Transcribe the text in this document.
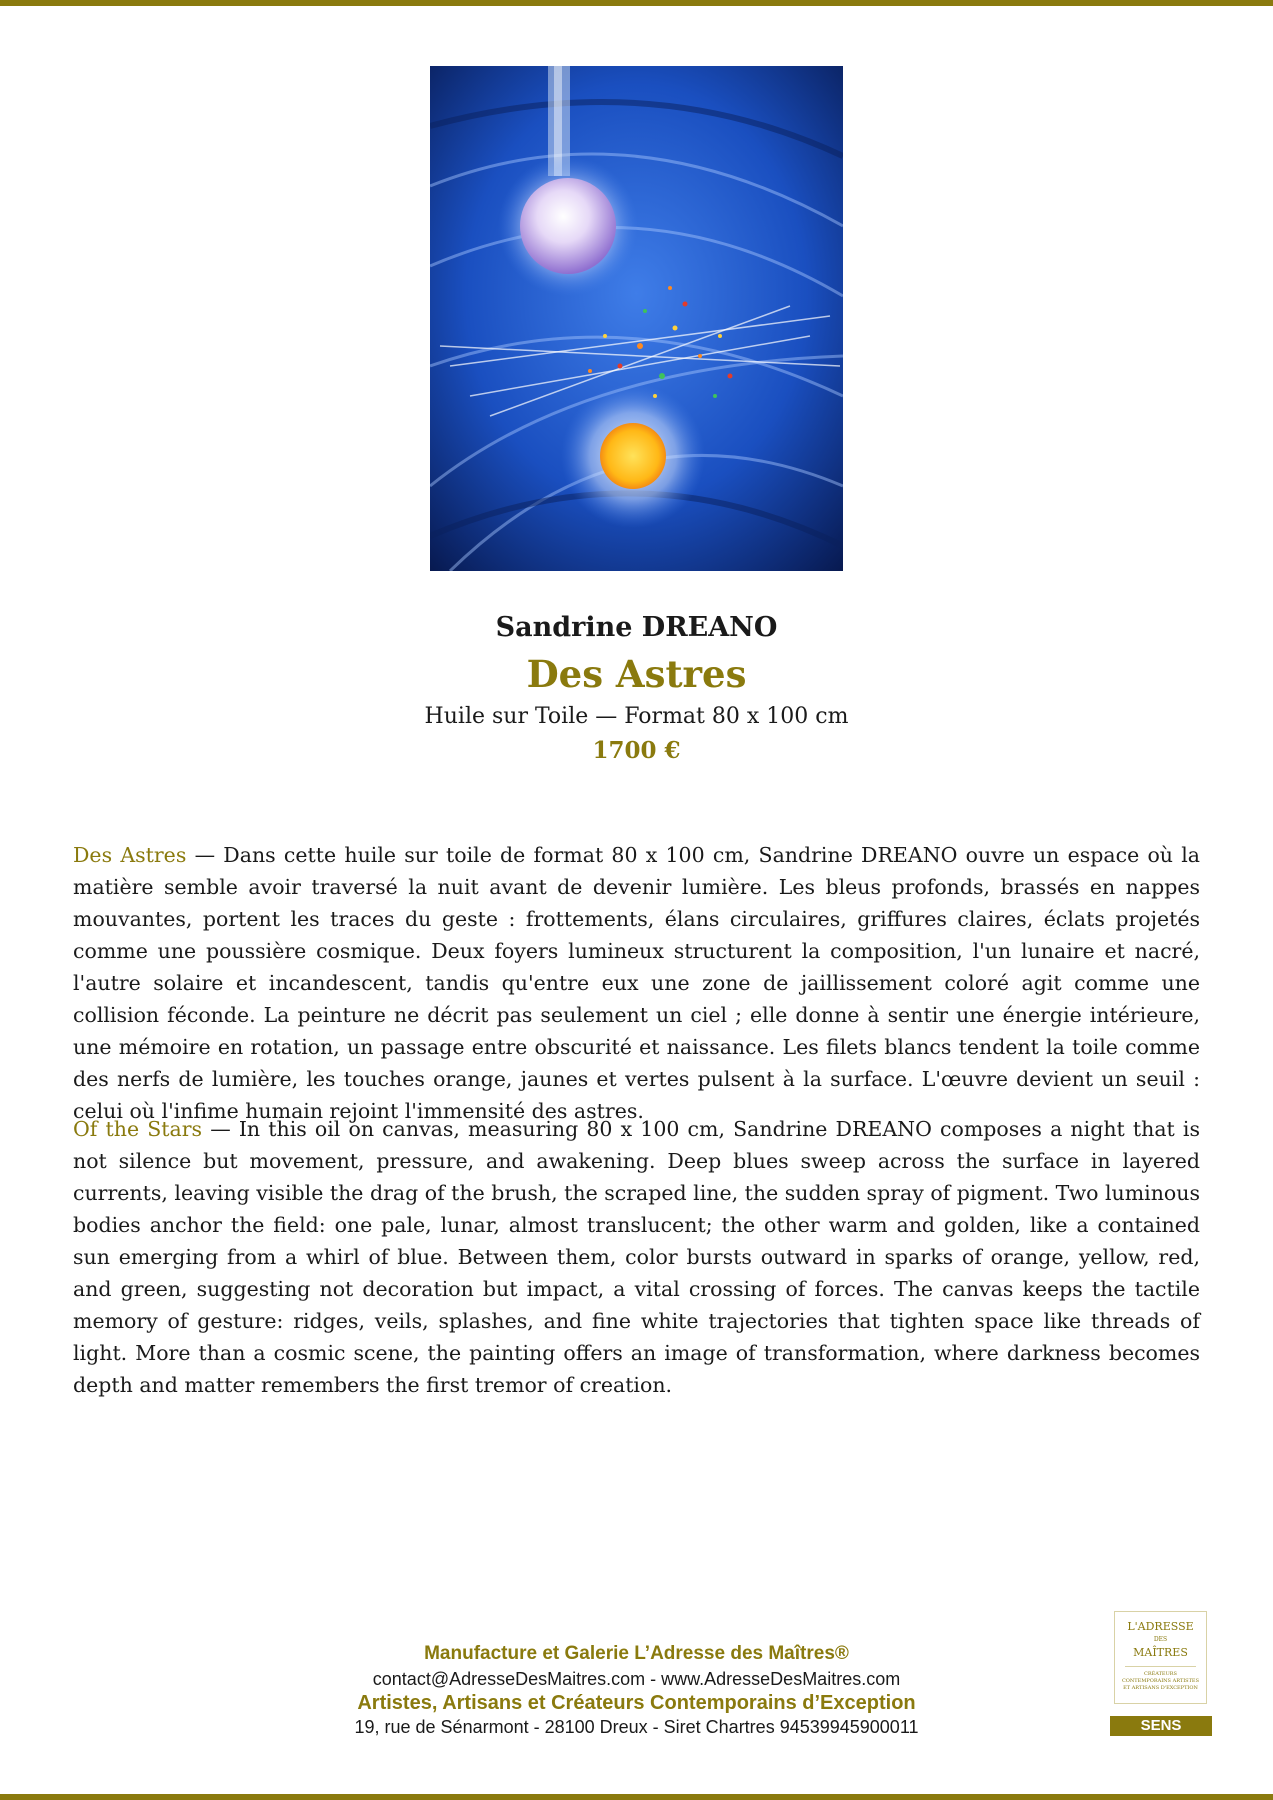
Sandrine DREANO
Des Astres
Huile sur Toile — Format 80 x 100 cm
1700 €

Des Astres — Dans cette huile sur toile de format 80 x 100 cm, Sandrine DREANO ouvre un espace où la matière semble avoir traversé la nuit avant de devenir lumière. Les bleus profonds, brassés en nappes mouvantes, portent les traces du geste : frottements, élans circulaires, griffures claires, éclats projetés comme une poussière cosmique. Deux foyers lumineux structurent la composition, l'un lunaire et nacré, l'autre solaire et incandescent, tandis qu'entre eux une zone de jaillissement coloré agit comme une collision féconde. La peinture ne décrit pas seulement un ciel ; elle donne à sentir une énergie intérieure, une mémoire en rotation, un passage entre obscurité et naissance. Les filets blancs tendent la toile comme des nerfs de lumière, les touches orange, jaunes et vertes pulsent à la surface. L'œuvre devient un seuil : celui où l'infime humain rejoint l'immensité des astres.

Of the Stars — In this oil on canvas, measuring 80 x 100 cm, Sandrine DREANO composes a night that is not silence but movement, pressure, and awakening. Deep blues sweep across the surface in layered currents, leaving visible the drag of the brush, the scraped line, the sudden spray of pigment. Two luminous bodies anchor the field: one pale, lunar, almost translucent; the other warm and golden, like a contained sun emerging from a whirl of blue. Between them, color bursts outward in sparks of orange, yellow, red, and green, suggesting not decoration but impact, a vital crossing of forces. The canvas keeps the tactile memory of gesture: ridges, veils, splashes, and fine white trajectories that tighten space like threads of light. More than a cosmic scene, the painting offers an image of transformation, where darkness becomes depth and matter remembers the first tremor of creation.

Manufacture et Galerie L’Adresse des Maîtres®
contact@AdresseDesMaitres.com - www.AdresseDesMaitres.com
Artistes, Artisans et Créateurs Contemporains d’Exception
19, rue de Sénarmont - 28100 Dreux - Siret Chartres 94539945900011
L'ADRESSE
DES
MAÎTRES
CRÉATEURS CONTEMPORAINS ARTISTES ET ARTISANS D'EXCEPTION
SENS
